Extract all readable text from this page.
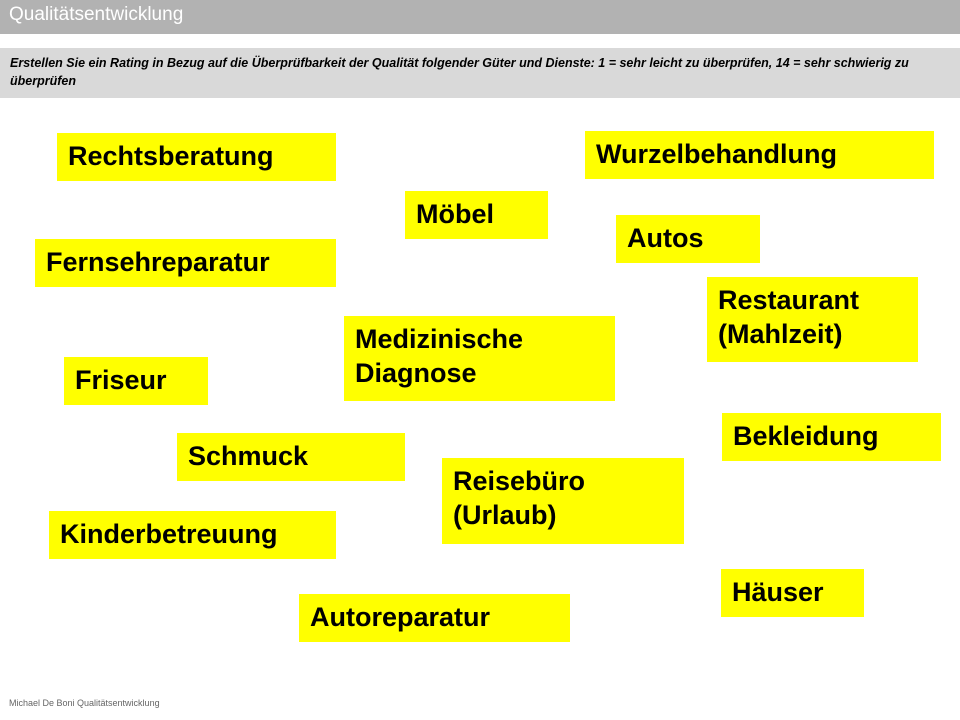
Qualitätsentwicklung
Erstellen Sie ein Rating in Bezug auf die Überprüfbarkeit der Qualität folgender Güter und Dienste: 1 = sehr leicht zu überprüfen, 14 = sehr schwierig zu überprüfen
Rechtsberatung	Wurzelbehandlung
Möbel
Autos
Fernsehreparatur
Restaurant
(Mahlzeit)
Medizinische
Diagnose
Friseur
Bekleidung
Schmuck
Reisebüro
(Urlaub)
Kinderbetreuung
Häuser
Autoreparatur
Michael De Boni Qualitätsentwicklung
